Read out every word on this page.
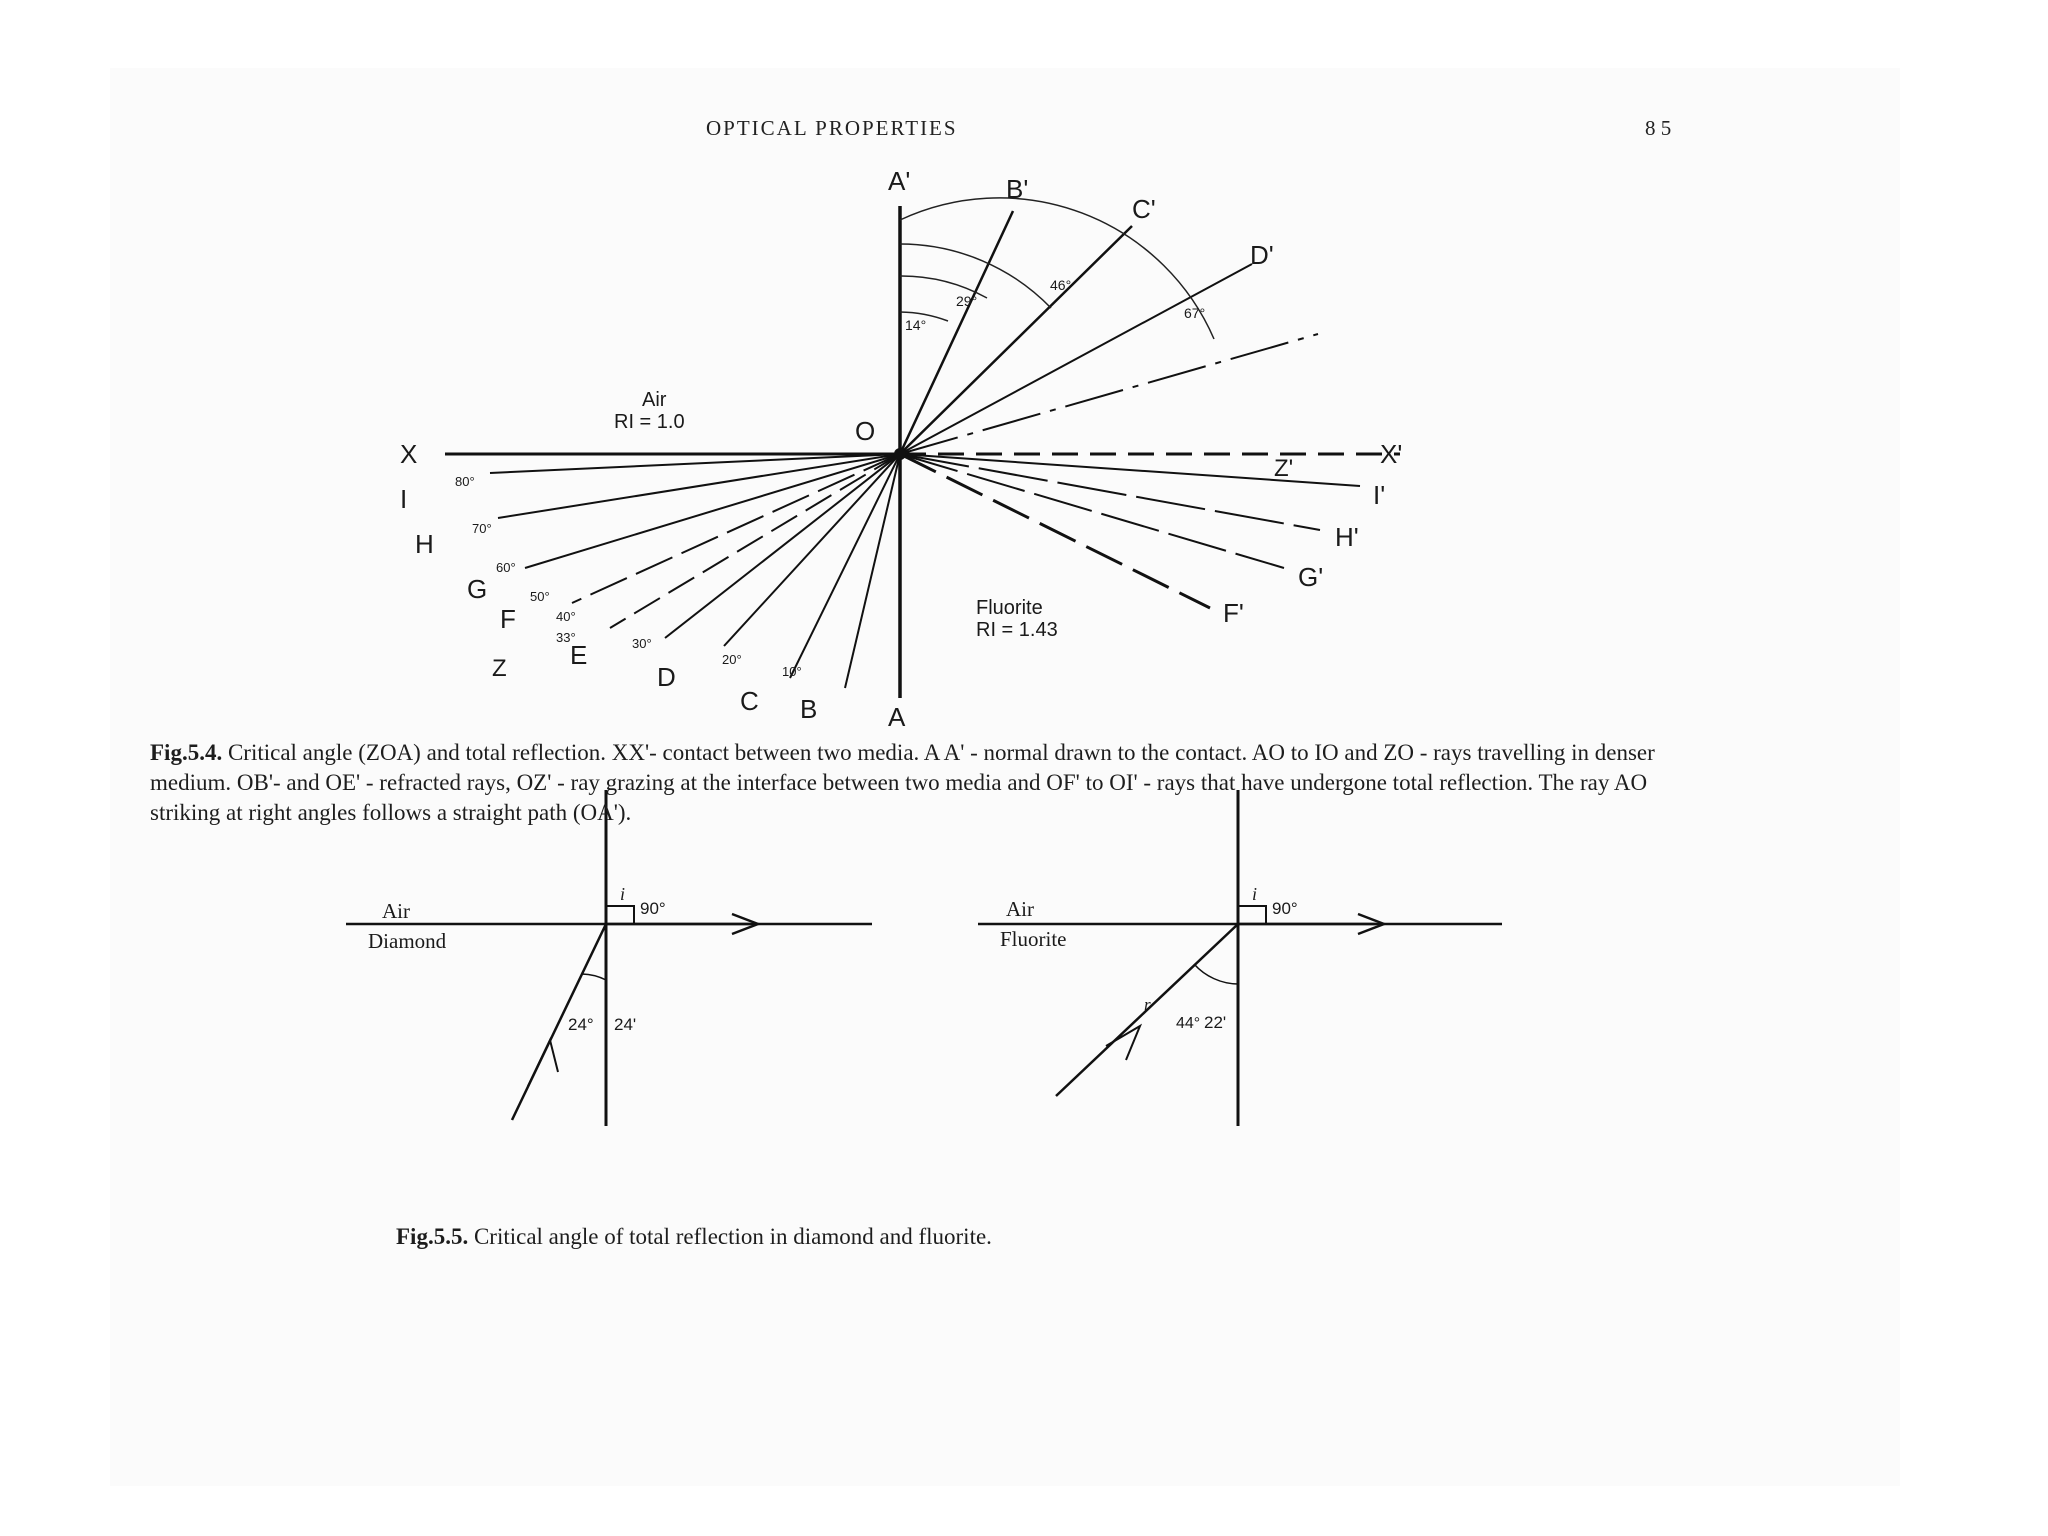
OPTICAL PROPERTIES	8 5
14°
29°
46°
67°
A'	B'
C'
D'
X	X'
O
Z'
I
H
G
F
Z E
D
C B	A
I'
H'
G'
F'
Air
RI = 1.0
Fluorite
RI = 1.43
80°
70°
60°
50°
40°
33°	30°
20°
10°
Air
Diamond
i
90°
24° 24'
Air
Fluorite
i
90°
r
44° 22'
Fig.5.4. Critical angle (ZOA) and total reflection. XX'- contact between two media. A A' - normal drawn to the contact. AO to IO and ZO - rays travelling in denser medium. OB'- and OE' - refracted rays, OZ' - ray grazing at the interface between two media and OF' to OI' - rays that have undergone total reflection. The ray AO striking at right angles follows a straight path (OA').
Fig.5.5. Critical angle of total reflection in diamond and fluorite.
